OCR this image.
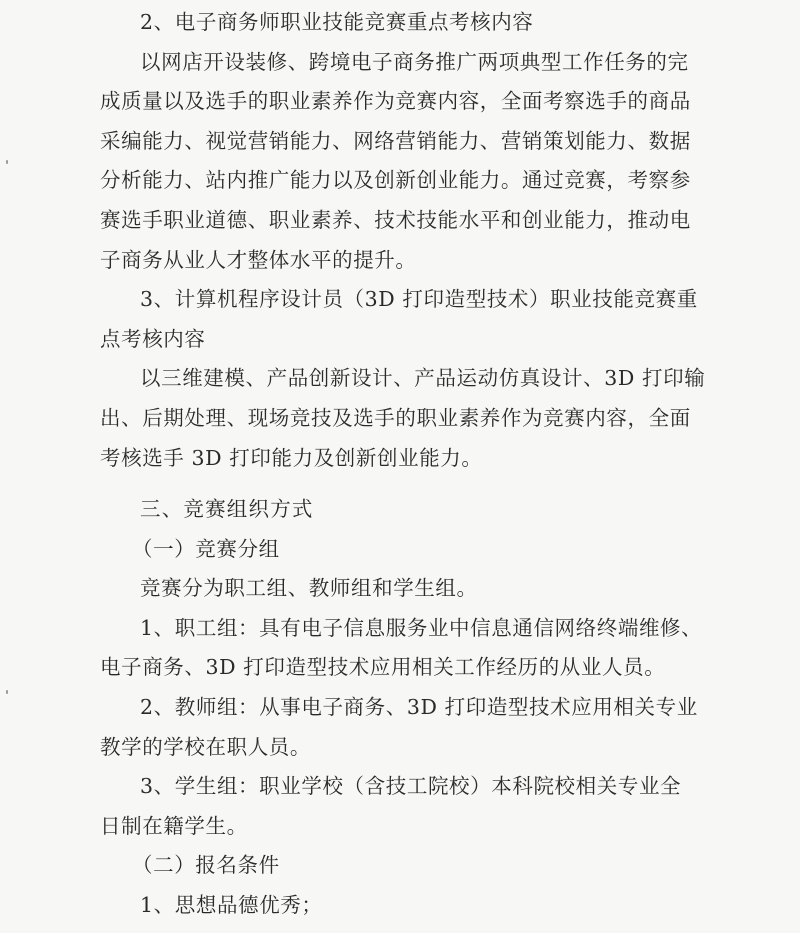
2、电子商务师职业技能竞赛重点考核内容
以网店开设装修、跨境电子商务推广两项典型工作任务的完
成质量以及选手的职业素养作为竞赛内容，全面考察选手的商品
采编能力、视觉营销能力、网络营销能力、营销策划能力、数据
分析能力、站内推广能力以及创新创业能力。通过竞赛，考察参
赛选手职业道德、职业素养、技术技能水平和创业能力，推动电
子商务从业人才整体水平的提升。
3、计算机程序设计员（3D 打印造型技术）职业技能竞赛重
点考核内容
以三维建模、产品创新设计、产品运动仿真设计、3D 打印输
出、后期处理、现场竞技及选手的职业素养作为竞赛内容，全面
考核选手 3D 打印能力及创新创业能力。
三、竞赛组织方式
（一）竞赛分组
竞赛分为职工组、教师组和学生组。
1、职工组：具有电子信息服务业中信息通信网络终端维修、
电子商务、3D 打印造型技术应用相关工作经历的从业人员。
2、教师组：从事电子商务、3D 打印造型技术应用相关专业
教学的学校在职人员。
3、学生组：职业学校（含技工院校）本科院校相关专业全
日制在籍学生。
（二）报名条件
1、思想品德优秀；
